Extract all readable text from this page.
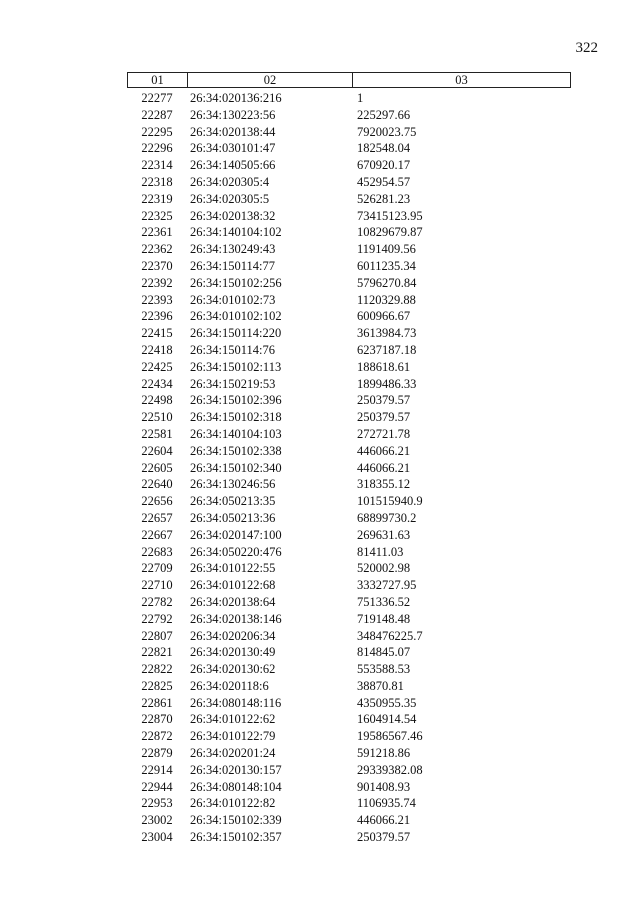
322
01	02	03
22277	26:34:020136:216	1
22287	26:34:130223:56	225297.66
22295	26:34:020138:44	7920023.75
22296	26:34:030101:47	182548.04
22314	26:34:140505:66	670920.17
22318	26:34:020305:4	452954.57
22319	26:34:020305:5	526281.23
22325	26:34:020138:32	73415123.95
22361	26:34:140104:102	10829679.87
22362	26:34:130249:43	1191409.56
22370	26:34:150114:77	6011235.34
22392	26:34:150102:256	5796270.84
22393	26:34:010102:73	1120329.88
22396	26:34:010102:102	600966.67
22415	26:34:150114:220	3613984.73
22418	26:34:150114:76	6237187.18
22425	26:34:150102:113	188618.61
22434	26:34:150219:53	1899486.33
22498	26:34:150102:396	250379.57
22510	26:34:150102:318	250379.57
22581	26:34:140104:103	272721.78
22604	26:34:150102:338	446066.21
22605	26:34:150102:340	446066.21
22640	26:34:130246:56	318355.12
22656	26:34:050213:35	101515940.9
22657	26:34:050213:36	68899730.2
22667	26:34:020147:100	269631.63
22683	26:34:050220:476	81411.03
22709	26:34:010122:55	520002.98
22710	26:34:010122:68	3332727.95
22782	26:34:020138:64	751336.52
22792	26:34:020138:146	719148.48
22807	26:34:020206:34	348476225.7
22821	26:34:020130:49	814845.07
22822	26:34:020130:62	553588.53
22825	26:34:020118:6	38870.81
22861	26:34:080148:116	4350955.35
22870	26:34:010122:62	1604914.54
22872	26:34:010122:79	19586567.46
22879	26:34:020201:24	591218.86
22914	26:34:020130:157	29339382.08
22944	26:34:080148:104	901408.93
22953	26:34:010122:82	1106935.74
23002	26:34:150102:339	446066.21
23004	26:34:150102:357	250379.57
